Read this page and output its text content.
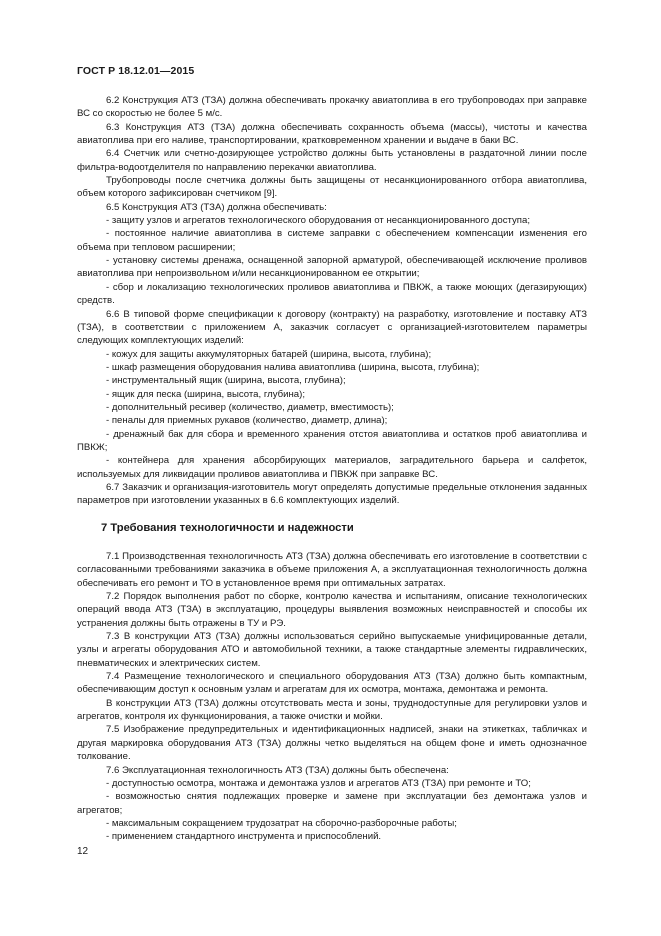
ГОСТ Р 18.12.01—2015

6.2 Конструкция АТЗ (ТЗА) должна обеспечивать прокачку авиатоплива в его трубопроводах при заправке ВС со скоростью не более 5 м/с.

6.3 Конструкция АТЗ (ТЗА) должна обеспечивать сохранность объема (массы), чистоты и качества авиатоплива при его наливе, транспортировании, кратковременном хранении и выдаче в баки ВС.

6.4 Счетчик или счетно-дозирующее устройство должны быть установлены в раздаточной линии после фильтра-водоотделителя по направлению перекачки авиатоплива.

Трубопроводы после счетчика должны быть защищены от несанкционированного отбора авиатоплива, объем которого зафиксирован счетчиком [9].

6.5 Конструкция АТЗ (ТЗА) должна обеспечивать:

- защиту узлов и агрегатов технологического оборудования от несанкционированного доступа;

- постоянное наличие авиатоплива в системе заправки с обеспечением компенсации изменения его объема при тепловом расширении;

- установку системы дренажа, оснащенной запорной арматурой, обеспечивающей исключение проливов авиатоплива при непроизвольном и/или несанкционированном ее открытии;

- сбор и локализацию технологических проливов авиатоплива и ПВКЖ, а также моющих (дегазирующих) средств.

6.6 В типовой форме спецификации к договору (контракту) на разработку, изготовление и поставку АТЗ (ТЗА), в соответствии с приложением А, заказчик согласует с организацией-изготовителем параметры следующих комплектующих изделий:

- кожух для защиты аккумуляторных батарей (ширина, высота, глубина);

- шкаф размещения оборудования налива авиатоплива (ширина, высота, глубина);

- инструментальный ящик (ширина, высота, глубина);

- ящик для песка (ширина, высота, глубина);

- дополнительный ресивер (количество, диаметр, вместимость);

- пеналы для приемных рукавов (количество, диаметр, длина);

- дренажный бак для сбора и временного хранения отстоя авиатоплива и остатков проб авиатоплива и ПВКЖ;

- контейнера для хранения абсорбирующих материалов, заградительного барьера и салфеток, используемых для ликвидации проливов авиатоплива и ПВКЖ при заправке ВС.

6.7 Заказчик и организация-изготовитель могут определять допустимые предельные отклонения заданных параметров при изготовлении указанных в 6.6 комплектующих изделий.

7 Требования технологичности и надежности

7.1 Производственная технологичность АТЗ (ТЗА) должна обеспечивать его изготовление в соответствии с согласованными требованиями заказчика в объеме приложения А, а эксплуатационная технологичность должна обеспечивать его ремонт и ТО в установленное время при оптимальных затратах.

7.2 Порядок выполнения работ по сборке, контролю качества и испытаниям, описание технологических операций ввода АТЗ (ТЗА) в эксплуатацию, процедуры выявления возможных неисправностей и способы их устранения должны быть отражены в ТУ и РЭ.

7.3 В конструкции АТЗ (ТЗА) должны использоваться серийно выпускаемые унифицированные детали, узлы и агрегаты оборудования АТО и автомобильной техники, а также стандартные элементы гидравлических, пневматических и электрических систем.

7.4 Размещение технологического и специального оборудования АТЗ (ТЗА) должно быть компактным, обеспечивающим доступ к основным узлам и агрегатам для их осмотра, монтажа, демонтажа и ремонта.

В конструкции АТЗ (ТЗА) должны отсутствовать места и зоны, труднодоступные для регулировки узлов и агрегатов, контроля их функционирования, а также очистки и мойки.

7.5 Изображение предупредительных и идентификационных надписей, знаки на этикетках, табличках и другая маркировка оборудования АТЗ (ТЗА) должны четко выделяться на общем фоне и иметь однозначное толкование.

7.6 Эксплуатационная технологичность АТЗ (ТЗА) должны быть обеспечена:

- доступностью осмотра, монтажа и демонтажа узлов и агрегатов АТЗ (ТЗА) при ремонте и ТО;

- возможностью снятия подлежащих проверке и замене при эксплуатации без демонтажа узлов и агрегатов;

- максимальным сокращением трудозатрат на сборочно-разборочные работы;

- применением стандартного инструмента и приспособлений.

12
